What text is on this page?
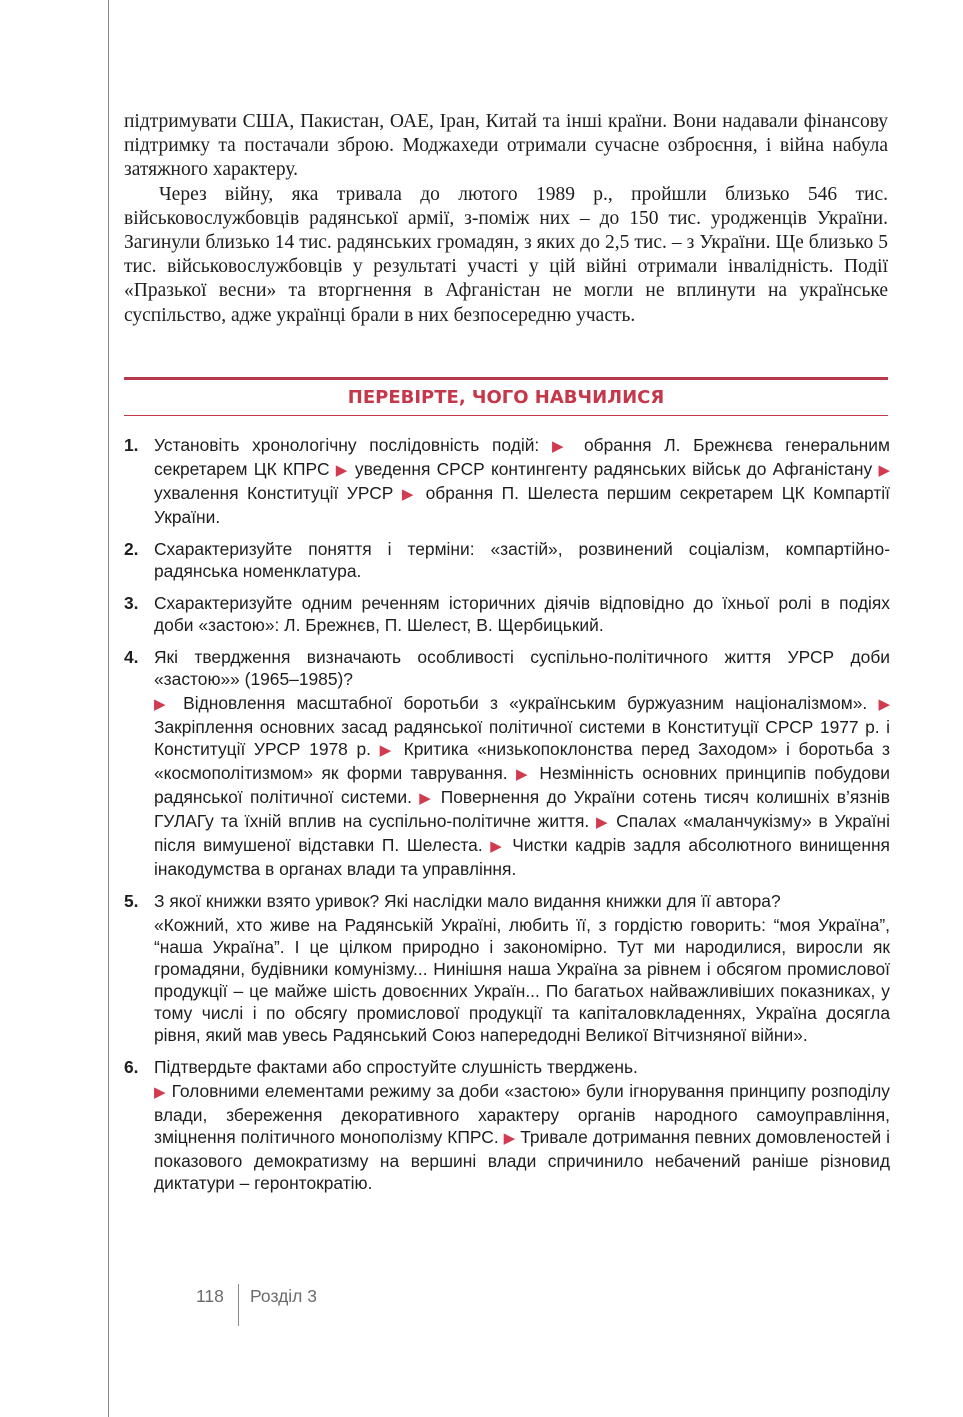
підтримувати США, Пакистан, ОАЕ, Іран, Китай та інші країни. Вони надавали фінансову підтримку та постачали зброю. Моджахеди отримали сучасне озброєння, і війна набула затяжного характеру.

Через війну, яка тривала до лютого 1989 р., пройшли близько 546 тис. військовослужбовців радянської армії, з-поміж них – до 150 тис. уродженців України. Загинули близько 14 тис. радянських громадян, з яких до 2,5 тис. – з України. Ще близько 5 тис. військовослужбовців у результаті участі у цій війні отримали інвалідність. Події «Празької весни» та вторгнення в Афганістан не могли не вплинути на українське суспільство, адже українці брали в них безпосередню участь.

ПЕРЕВІРТЕ, ЧОГО НАВЧИЛИСЯ
1. Установіть хронологічну послідовність подій: ▶ обрання Л. Брежнєва генеральним секретарем ЦК КПРС ▶ уведення СРСР контингенту радянських військ до Афганістану ▶ ухвалення Конституції УРСР ▶ обрання П. Шелеста першим секретарем ЦК Компартії України.
2. Схарактеризуйте поняття і терміни: «застій», розвинений соціалізм, компартійно-радянська номенклатура.
3. Схарактеризуйте одним реченням історичних діячів відповідно до їхньої ролі в подіях доби «застою»: Л. Брежнєв, П. Шелест, В. Щербицький.
4. Які твердження визначають особливості суспільно-політичного життя УРСР доби «застою»» (1965–1985)?
▶ Відновлення масштабної боротьби з «українським буржуазним націоналізмом». ▶ Закріплення основних засад радянської політичної системи в Конституції СРСР 1977 р. і Конституції УРСР 1978 р. ▶ Критика «низькопоклонства перед Заходом» і боротьба з «космополітизмом» як форми таврування. ▶ Незмінність основних принципів побудови радянської політичної системи. ▶ Повернення до України сотень тисяч колишніх в’язнів ГУЛАГу та їхній вплив на суспільно-політичне життя. ▶ Спалах «маланчукізму» в Україні після вимушеної відставки П. Шелеста. ▶ Чистки кадрів задля абсолютного винищення інакодумства в органах влади та управління.
5. З якої книжки взято уривок? Які наслідки мало видання книжки для її автора?
«Кожний, хто живе на Радянській Україні, любить її, з гордістю говорить: “моя Україна”, “наша Україна”. І це цілком природно і закономірно. Тут ми народилися, виросли як громадяни, будівники комунізму... Нинішня наша Україна за рівнем і обсягом промислової продукції – це майже шість довоєнних Україн... По багатьох найважливіших показниках, у тому числі і по обсягу промислової продукції та капіталовкладеннях, Україна досягла рівня, який мав увесь Радянський Союз напередодні Великої Вітчизняної війни».
6. Підтвердьте фактами або спростуйте слушність тверджень.
▶ Головними елементами режиму за доби «застою» були ігнорування принципу розподілу влади, збереження декоративного характеру органів народного самоуправління, зміцнення політичного монополізму КПРС. ▶ Тривале дотримання певних домовленостей і показового демократизму на вершині влади спричинило небачений раніше різновид диктатури – геронтократію.
118 Розділ 3
